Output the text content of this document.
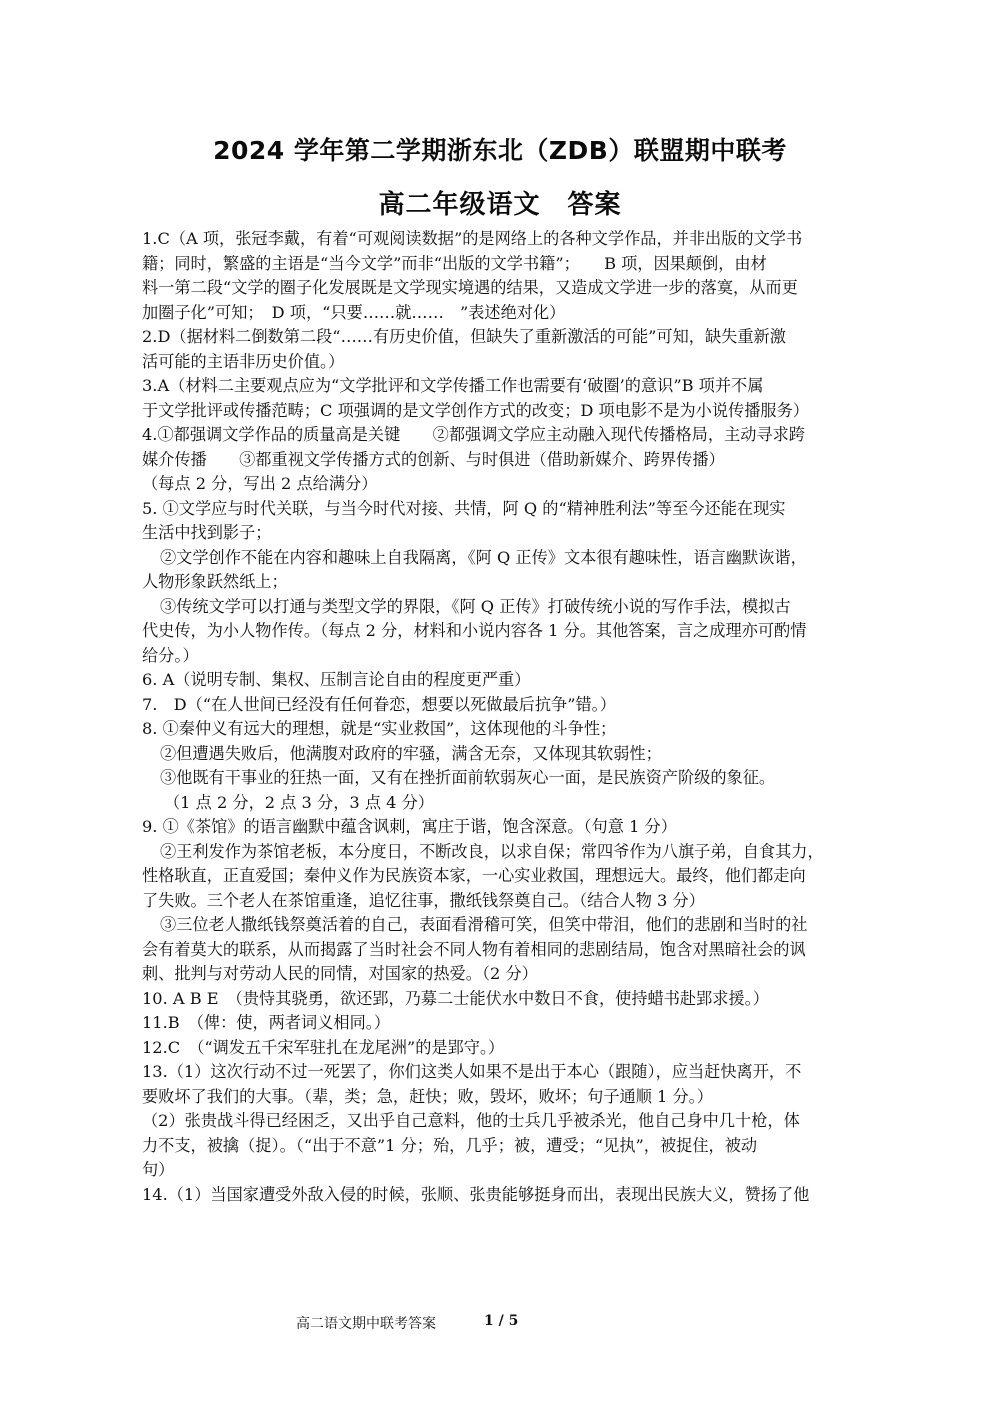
2024 学年第二学期浙东北（ZDB）联盟期中联考
高二年级语文　答案
1.C（A 项，张冠李戴，有着“可观阅读数据”的是网络上的各种文学作品，并非出版的文学书
籍；同时，繁盛的主语是“当今文学”而非“出版的文学书籍”；　　B 项，因果颠倒，由材
料一第二段“文学的圈子化发展既是文学现实境遇的结果，又造成文学进一步的落寞，从而更
加圈子化”可知；　D 项，“只要……就……　”表述绝对化）
2.D（据材料二倒数第二段“……有历史价值，但缺失了重新激活的可能”可知，缺失重新激
活可能的主语非历史价值。）
3.A（材料二主要观点应为“文学批评和文学传播工作也需要有‘破圈’的意识”B 项并不属
于文学批评或传播范畴；C 项强调的是文学创作方式的改变；D 项电影不是为小说传播服务）
4.①都强调文学作品的质量高是关键　　②都强调文学应主动融入现代传播格局，主动寻求跨
媒介传播　　③都重视文学传播方式的创新、与时俱进（借助新媒介、跨界传播）
（每点 2 分，写出 2 点给满分）
5. ①文学应与时代关联，与当今时代对接、共情，阿 Q 的“精神胜利法”等至今还能在现实
生活中找到影子；
②文学创作不能在内容和趣味上自我隔离，《阿 Q 正传》文本很有趣味性，语言幽默诙谐，
人物形象跃然纸上；
③传统文学可以打通与类型文学的界限，《阿 Q 正传》打破传统小说的写作手法，模拟古
代史传，为小人物作传。（每点 2 分，材料和小说内容各 1 分。其他答案，言之成理亦可酌情
给分。）
6. A（说明专制、集权、压制言论自由的程度更严重）
7.　D（“在人世间已经没有任何眷恋，想要以死做最后抗争”错。）
8. ①秦仲义有远大的理想，就是“实业救国”，这体现他的斗争性；
②但遭遇失败后，他满腹对政府的牢骚，满含无奈，又体现其软弱性；
③他既有干事业的狂热一面，又有在挫折面前软弱灰心一面，是民族资产阶级的象征。
（1 点 2 分，2 点 3 分，3 点 4 分）
9. ①《茶馆》的语言幽默中蕴含讽刺，寓庄于谐，饱含深意。（句意 1 分）
②王利发作为茶馆老板，本分度日，不断改良，以求自保；常四爷作为八旗子弟，自食其力，
性格耿直，正直爱国；秦仲义作为民族资本家，一心实业救国，理想远大。最终，他们都走向
了失败。三个老人在茶馆重逢，追忆往事，撒纸钱祭奠自己。（结合人物 3 分）
③三位老人撒纸钱祭奠活着的自己，表面看滑稽可笑，但笑中带泪，他们的悲剧和当时的社
会有着莫大的联系，从而揭露了当时社会不同人物有着相同的悲剧结局，饱含对黑暗社会的讽
刺、批判与对劳动人民的同情，对国家的热爱。（2 分）
10. A B E　（贵恃其骁勇，欲还郢，乃募二士能伏水中数日不食，使持蜡书赴郢求援。）
11.B　（俾：使，两者词义相同。）
12.C　（“调发五千宋军驻扎在龙尾洲”的是郢守。）
13.（1）这次行动不过一死罢了，你们这类人如果不是出于本心（跟随），应当赶快离开，不
要败坏了我们的大事。（辈，类；急，赶快；败，毁坏，败坏；句子通顺 1 分。）
（2）张贵战斗得已经困乏，又出乎自己意料，他的士兵几乎被杀光，他自己身中几十枪，体
力不支，被擒（捉）。（“出于不意”1 分；殆，几乎；被，遭受；“见执”，被捉住，被动
句）
14.（1）当国家遭受外敌入侵的时候，张顺、张贵能够挺身而出，表现出民族大义，赞扬了他
高二语文期中联考答案	1 / 5
